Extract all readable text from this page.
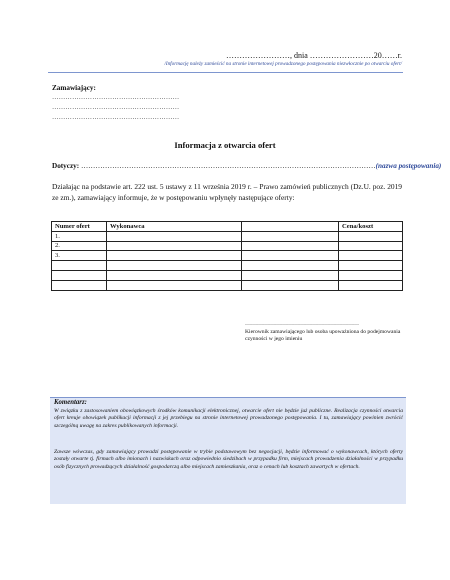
……………………, dnia ……………………20……r.
/Informację należy zamieścić na stronie internetowej prowadzonego postępowania niezwłocznie po otwarciu ofert/
Zamawiający:
…………………………………………………
…………………………………………………
…………………………………………………
Informacja z otwarcia ofert
Dotyczy: ……………………………………………………………………………………………………………(nazwa postępowania)
Działając na podstawie art. 222 ust. 5 ustawy z 11 września 2019 r. – Prawo zamówień publicznych (Dz.U. poz. 2019 ze zm.), zamawiający informuje, że w postępowaniu wpłynęły następujące oferty:
Numer ofert	Wykonawca		Cena/koszt
1.			
2.			
3.			

…………………………………………………
Kierownik zamawiającego lub osoba upoważniona do podejmowania czynności w jego imieniu
Komentarz:
W związku z zastosowaniem obowiązkowych środków komunikacji elektronicznej, otwarcie ofert nie będzie już publiczne. Realizacja czynności otwarcia ofert kreuje obowiązek publikacji informacji z jej przebiegu na stronie internetowej prowadzonego postępowania. I tu, zamawiający powinien zwrócić szczególną uwagę na zakres publikowanych informacji.
Zawsze wówczas, gdy zamawiający prowadzi postępowanie w trybie podstawowym bez negocjacji, będzie informować o wykonawcach, których oferty zostały otwarte tj. firmach albo imionach i nazwiskach oraz odpowiednio siedzibach w przypadku firm, miejscach prowadzenia działalności w przypadku osób fizycznych prowadzących działalność gospodarczą albo miejscach zamieszkania, oraz o cenach lub kosztach zawartych w ofertach.
